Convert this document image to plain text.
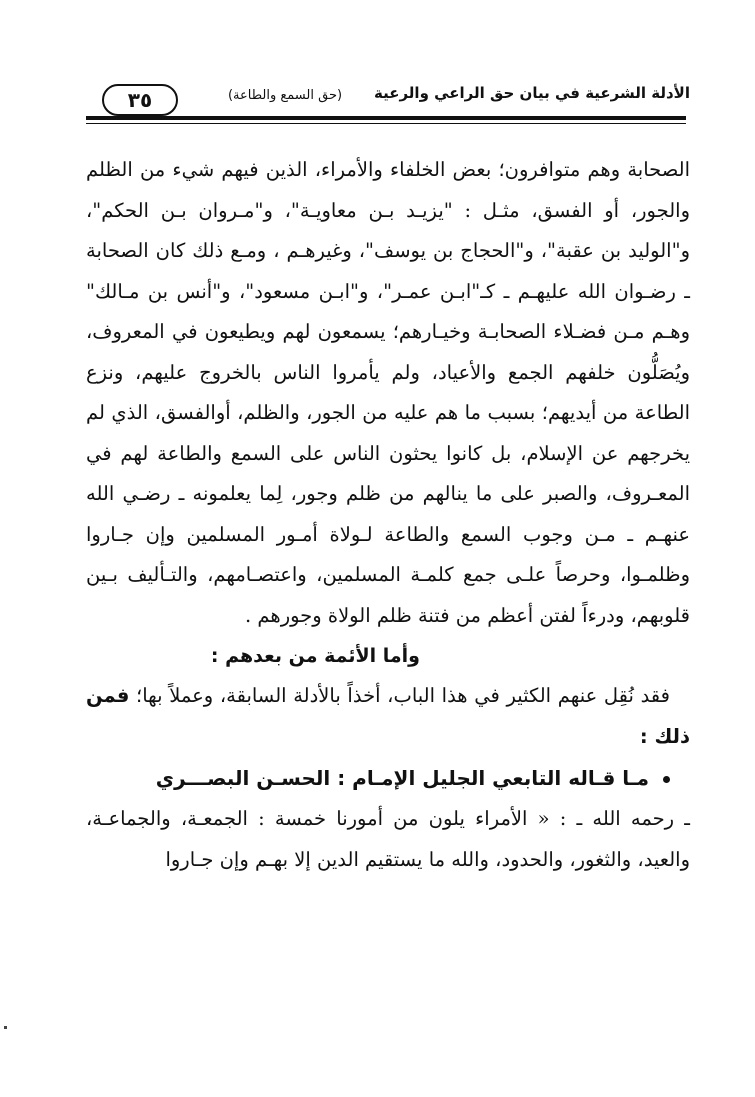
٣٥	(حق السمع والطاعة)	الأدلة الشرعية في بيان حق الراعي والرعية

الصحابة وهم متوافرون؛ بعض الخلفاء والأمراء، الذين فيهم شيء من الظلم والجور، أو الفسق، مثـل : "يزيـد بـن معاويـة"، و"مـروان بـن الحكم"، و"الوليد بن عقبة"، و"الحجاج بن يوسف"، وغيرهـم ، ومـع ذلك كان الصحابة ـ رضـوان الله عليهـم ـ كـ"ابـن عمـر"، و"ابـن مسعود"، و"أنس بن مـالك" وهـم مـن فضـلاء الصحابـة وخيـارهم؛ يسمعون لهم ويطيعون في المعروف، ويُصَلُّون خلفهم الجمع والأعياد، ولم يأمروا الناس بالخروج عليهم، ونزع الطاعة من أيديهم؛ بسبب ما هم عليه من الجور، والظلم، أوالفسق، الذي لم يخرجهم عن الإسلام، بل كانوا يحثون الناس على السمع والطاعة لهم في المعـروف، والصبر على ما ينالهم من ظلم وجور، لِما يعلمونه ـ رضـي الله عنهـم ـ مـن وجوب السمع والطاعة لـولاة أمـور المسلمين وإن جـاروا وظلمـوا، وحرصاً علـى جمع كلمـة المسلمين، واعتصـامهم، والتـأليف بـين قلوبهم، ودرءاً لفتن أعظم من فتنة ظلم الولاة وجورهم .

وأما الأئمة من بعدهم :

فقد نُقِل عنهم الكثير في هذا الباب، أخذاً بالأدلة السابقة، وعملاً بها؛ فمن ذلك :

مـا قـاله التابعي الجليل الإمـام : الحسـن البصـــري

ـ رحمه الله ـ : « الأمراء يلون من أمورنا خمسة : الجمعـة، والجماعـة، والعيد، والثغور، والحدود، والله ما يستقيم الدين إلا بهـم وإن جـاروا
